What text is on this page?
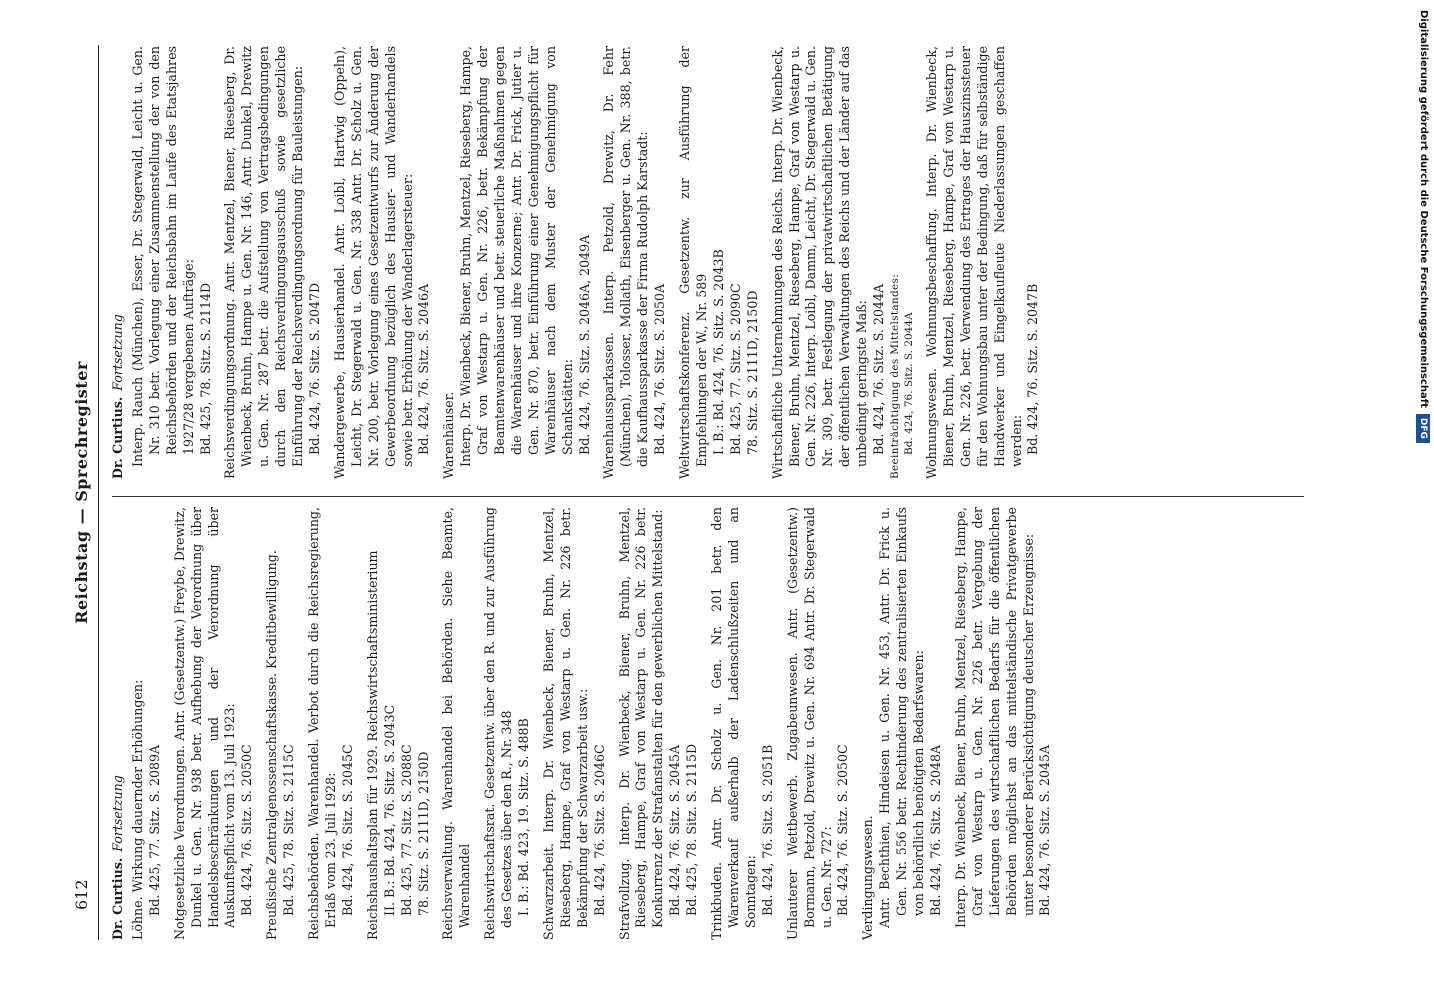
612
Reichstag — Sprechregister

Dr. Curtius.Fortsetzung Löhne. Wirkung dauernder Erhöhungen: Bd. 425, 77. Sitz. S. 2089A Notgesetzliche Verordnungen. Antr. (Gesetzentw.) Freybe, Drewitz, Dunkel u. Gen. Nr. 938 betr. Aufhebung der Verordnung über Handelsbeschränkungen und der Verordnung über Auskunftspflicht vom 13. Juli 1923: Bd. 424, 76. Sitz. S. 2050C Preußische Zentralgenossenschaftskasse. Kreditbewilligung. Bd. 425, 78. Sitz. S. 2115C Reichsbehörden. Warenhandel. Verbot durch die Reichsregierung, Erlaß vom 23. Juli 1928: Bd. 424, 76. Sitz. S. 2045C Reichshaushaltsplan für 1929. Reichswirtschaftsministerium II. B.: Bd. 424, 76. Sitz. S. 2043C Bd. 425, 77. Sitz. S. 2088C 78. Sitz. S. 2111D, 2150D Reichsverwaltung. Warenhandel bei Behörden. Siehe Beamte, Warenhandel Reichswirtschaftsrat. Gesetzentw. über den R. und zur Ausführung des Gesetzes über den R., Nr. 348 I. B.: Bd. 423, 19. Sitz. S. 488B Schwarzarbeit. Interp. Dr. Wienbeck, Biener, Bruhn, Mentzel, Rieseberg, Hampe, Graf von Westarp u. Gen. Nr. 226 betr. Bekämpfung der Schwarzarbeit usw.: Bd. 424, 76. Sitz. S. 2046C Strafvollzug. Interp. Dr. Wienbeck, Biener, Bruhn, Mentzel, Rieseberg, Hampe, Graf von Westarp u. Gen. Nr. 226 betr. Konkurrenz der Strafanstalten für den gewerblichen Mittelstand: Bd. 424, 76. Sitz. S. 2045A Bd. 425, 78. Sitz. S. 2115D Trinkbuden. Antr. Dr. Scholz u. Gen. Nr. 201 betr. den Warenverkauf außerhalb der Ladenschlußzeiten und an Sonntagen: Bd. 424, 76. Sitz. S. 2051B Unlauterer Wettbewerb. Zugabeunwesen. Antr. (Gesetzentw.) Bormann, Petzold, Drewitz u. Gen. Nr. 694 Antr. Dr. Stegerwald u. Gen. Nr. 727: Bd. 424, 76. Sitz. S. 2050C Verdingungswesen. Antr. Bechthien, Hindeisen u. Gen. Nr. 453, Antr. Dr. Frick u. Gen. Nr. 556 betr. Rechtinderung des zentralisierten Einkaufs von behördlich benötigten Bedarfswaren: Bd. 424, 76. Sitz. S. 2048A Interp. Dr. Wienbeck, Biener, Bruhn, Mentzel, Rieseberg, Hampe, Graf von Westarp u. Gen. Nr. 226 betr. Vergebung der Lieferungen des wirtschaftlichen Bedarfs für die öffentlichen Behörden möglichst an das mittelständische Privatgewerbe unter besonderer Berücksichtigung deutscher Erzeugnisse: Bd. 424, 76. Sitz. S. 2045A

Dr. Curtius.Fortsetzung Interp. Rauch (München), Esser, Dr. Stegerwald, Leicht u. Gen. Nr. 310 betr. Vorlegung einer Zusammenstellung der von den Reichsbehörden und der Reichsbahn im Laufe des Etatsjahres 1927/28 vergebenen Aufträge: Bd. 425, 78. Sitz. S. 2114D Reichsverdingungsordnung. Antr. Mentzel, Biener, Rieseberg, Dr. Wienbeck, Bruhn, Hampe u. Gen. Nr. 146, Antr. Dunkel, Drewitz u. Gen. Nr. 287 betr. die Aufstellung von Vertragsbedingungen durch den Reichsverdingungsausschuß sowie gesetzliche Einführung der Reichsverdingungsordnung für Bauleistungen: Bd. 424, 76. Sitz. S. 2047D Wandergewerbe, Hausierhandel. Antr. Loibl, Hartwig (Oppeln), Leicht, Dr. Stegerwald u. Gen. Nr. 338 Antr. Dr. Scholz u. Gen. Nr. 200, betr. Vorlegung eines Gesetzentwurfs zur Änderung der Gewerbeordnung bezüglich des Hausier- und Wanderhandels sowie betr. Erhöhung der Wanderlagersteuer: Bd. 424, 76. Sitz. S. 2046A Warenhäuser. Interp. Dr. Wienbeck, Biener, Bruhn, Mentzel, Rieseberg, Hampe, Graf von Westarp u. Gen. Nr. 226, betr. Bekämpfung der Beamtenwarenhäuser und betr. steuerliche Maßnahmen gegen die Warenhäuser und ihre Konzerne; Antr. Dr. Frick, Jutier u. Gen. Nr. 870, betr. Einführung einer Genehmigungspflicht für Warenhäuser nach dem Muster der Genehmigung von Schankstätten: Bd. 424, 76. Sitz. S. 2046A, 2049A Warenhaussparkassen. Interp. Petzold, Drewitz, Dr. Fehr (München), Tolosser, Mollath, Eisenberger u. Gen. Nr. 388, betr. die Kaufhaussparkasse der Firma Rudolph Karstadt: Bd. 424, 76. Sitz. S. 2050A Weltwirtschaftskonferenz. Gesetzentw. zur Ausführung der Empfehlungen der W., Nr. 589 I. B.: Bd. 424, 76. Sitz. S. 2043B Bd. 425, 77. Sitz. S. 2090C 78. Sitz. S. 2111D, 2150D Wirtschaftliche Unternehmungen des Reichs. Interp. Dr. Wienbeck, Biener, Bruhn, Mentzel, Rieseberg, Hampe, Graf von Westarp u. Gen. Nr. 226, Interp. Loibl, Damm, Leicht, Dr. Stegerwald u. Gen. Nr. 309, betr. Festlegung der privatwirtschaftlichen Betätigung der öffentlichen Verwaltungen des Reichs und der Länder auf das unbedingt geringste Maß: Bd. 424, 76. Sitz. S. 2044A Beeinträchtigung des Mittelstandes: Bd. 424, 76. Sitz. S. 2044A Wohnungswesen. Wohnungsbeschaffung. Interp. Dr. Wienbeck, Biener, Bruhn, Mentzel, Rieseberg, Hampe, Graf von Westarp u. Gen. Nr. 226, betr. Verwendung des Ertrages der Hauszinssteuer für den Wohnungsbau unter der Bedingung, daß für selbständige Handwerker und Eingelkaufleute Niederlassungen geschaffen werden: Bd. 424, 76. Sitz. S. 2047B	Digitalisierung gefördert durch die Deutsche ForschungsgemeinschaftDFG
